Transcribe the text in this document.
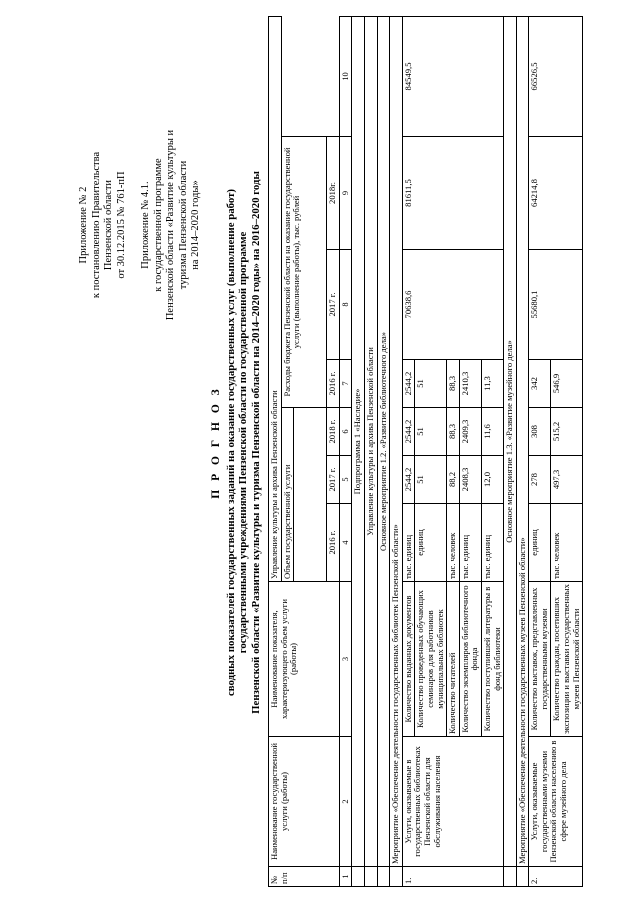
Приложение № 2 к постановлению Правительства Пензенской области от 30.12.2015 № 761-пП Приложение № 4.1. к государственной программе Пензенской области «Развитие культуры и туризма Пензенской области на 2014–2020 годы»

П Р О Г Н О З сводных показателей государственных заданий на оказание государственных услуг (выполнение работ) государственными учреждениями Пензенской области по государственной программе Пензенской области «Развитие культуры и туризма Пензенской области на 2014–2020 годы» на 2016–2020 годы

№ п/п	Наименование государственной услуги (работы)	Наименование показателя, характеризующего объем услуги (работы)	Управление культуры и архива Пензенской области						
			Объем государственной услуги			Расходы бюджета Пензенской области на оказание государственной услуги (выполнение работы), тыс. рублей			

			2016 г.	2017 г.	2018 г.	2016 г.	2017 г.	2018г.	
1	2	3	4	5	6	7	8	9	10
	Подпрограмма 1 «Наследие»								
	Управление культуры и архива Пензенской области								
	Основное мероприятие 1.2. «Развитие библиотечного дела»								
	Мероприятие «Обеспечение деятельности государственных библиотек Пензенской области»								
1.	Услуги, оказываемые в государственных библиотеках Пензенской области для обслуживания населения	Количество выданных документов	тыс. единиц	2544,2	2544,2	2544,2	70638,6	81611,5	84549,5
		Количество проведенных обучающих семинаров для работников муниципальных библиотек	единиц	51	51	51			
		Количество читателей	тыс. человек	88,2	88,3	88,3			
		Количество экземпляров библиотечного фонда	тыс. единиц	2408,3	2409,3	2410,3			
		Количество поступившей литературы в фонд библиотеки	тыс. единиц	12,0	11,6	11,3			
	Основное мероприятие 1.3. «Развитие музейного дела»								
	Мероприятие «Обеспечение деятельности государственных музеев Пензенской области»								
2.	Услуги, оказываемые государственными музеями Пензенской области населению в сфере музейного дела	Количество выставок, представленных государственными музеями	единиц	278	308	342	55680,1	64214,8	66526,5
		Количество граждан, посетивших экспозиции и выставки государственных музеев Пензенской области	тыс. человек	497,3	515,2	546,9			
